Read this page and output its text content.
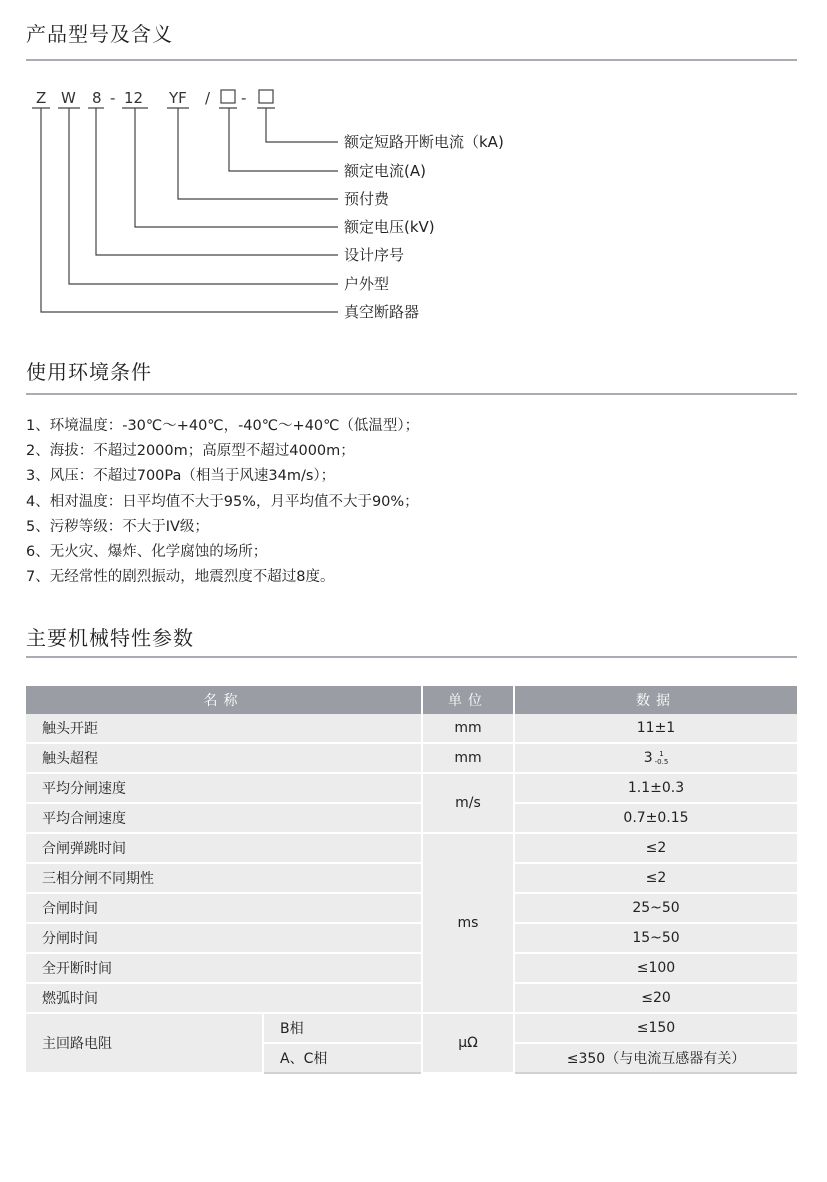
产品型号及含义
Z W 8 - 12 YF / -
额定短路开断电流（kA)
额定电流(A)
预付费
额定电压(kV)
设计序号
户外型
真空断路器
使用环境条件
1、环境温度：-30℃～+40℃，-40℃～+40℃（低温型）；
2、海拔：不超过2000m；高原型不超过4000m；
3、风压：不超过700Pa（相当于风速34m/s）；
4、相对温度：日平均值不大于95%，月平均值不大于90%；
5、污秽等级：不大于IV级；
6、无火灾、爆炸、化学腐蚀的场所；
7、无经常性的剧烈振动，地震烈度不超过8度。
主要机械特性参数
名称		单位	数据
触头开距		mm	11±1
触头超程		mm	3 1
-0.5

平均分闸速度		m/s	1.1±0.3
平均合闸速度			0.7±0.15
合闸弹跳时间		ms	≤2
三相分闸不同期性			≤2
合闸时间			25~50
分闸时间			15~50
全开断时间			≤100
燃弧时间			≤20
主回路电阻	B相	μΩ	≤150
	A、C相		≤350（与电流互感器有关）
